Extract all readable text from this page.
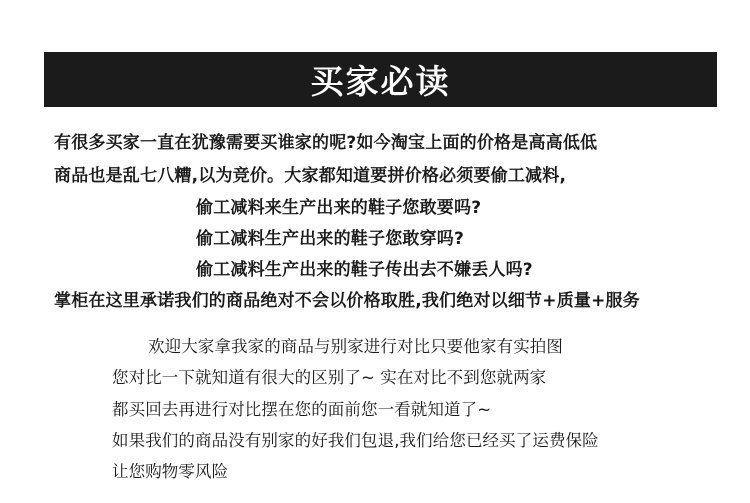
买家必读
有很多买家一直在犹豫需要买谁家的呢?如今淘宝上面的价格是高高低低
商品也是乱七八糟,以为竞价。大家都知道要拼价格必须要偷工减料,
偷工减料来生产出来的鞋子您敢要吗?
偷工减料生产出来的鞋子您敢穿吗?
偷工减料生产出来的鞋子传出去不嫌丢人吗?
掌柜在这里承诺我们的商品绝对不会以价格取胜,我们绝对以细节+质量+服务
欢迎大家拿我家的商品与别家进行对比只要他家有实拍图
您对比一下就知道有很大的区别了~ 实在对比不到您就两家
都买回去再进行对比摆在您的面前您一看就知道了~
如果我们的商品没有别家的好我们包退,我们给您已经买了运费保险
让您购物零风险
